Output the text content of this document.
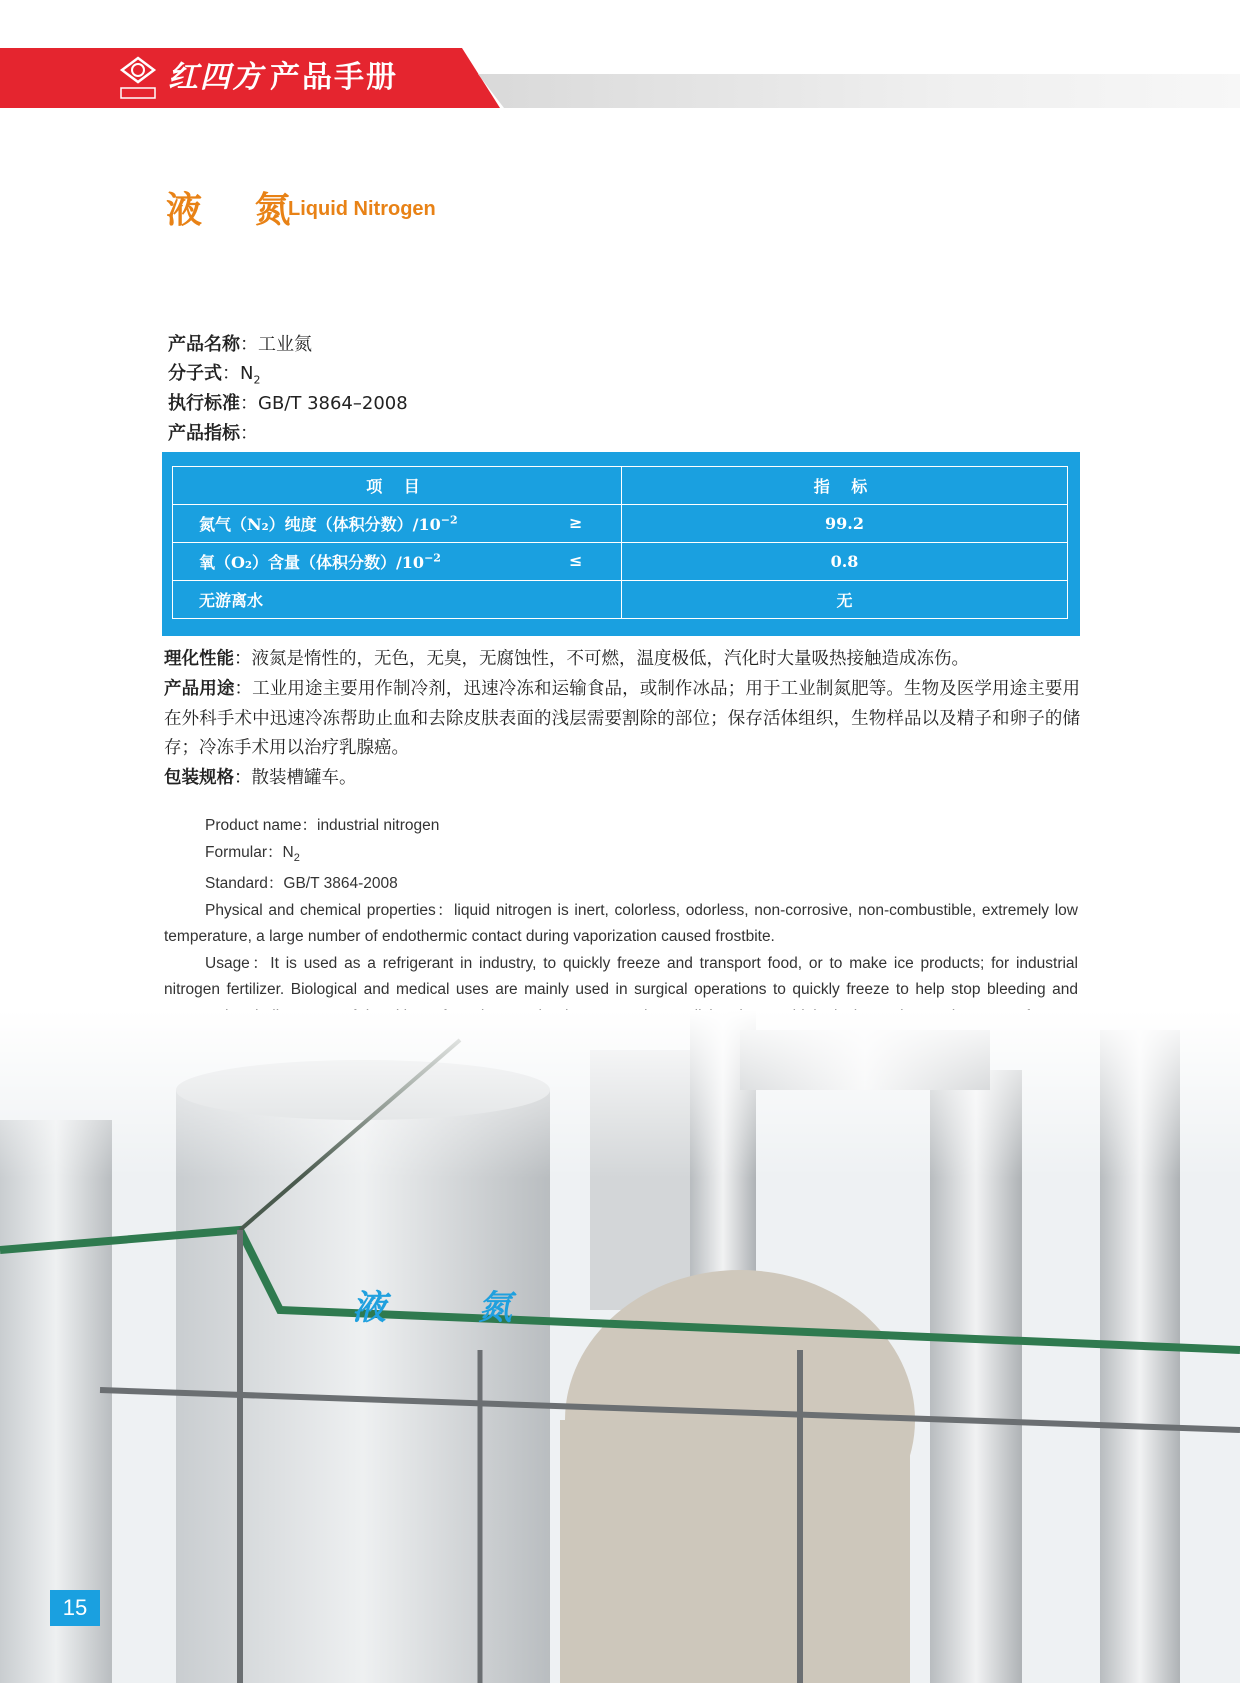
红四方 产品手册
液 氮
Liquid Nitrogen
产品名称：工业氮
分子式：$N_2$
执行标准：GB/T 3864–2008
产品指标：
项 目	指 标
氮气（N₂）纯度（体积分数）$/10^{-2}$ ≥	99.2
氧（O₂）含量（体积分数）$/10^{-2}$ ≤	0.8
无游离水	无
理化性能：液氮是惰性的，无色，无臭，无腐蚀性，不可燃，温度极低，汽化时大量吸热接触造成冻伤。
产品用途：工业用途主要用作制冷剂，迅速冷冻和运输食品，或制作冰品；用于工业制氮肥等。生物及医学用途主要用在外科手术中迅速冷冻帮助止血和去除皮肤表面的浅层需要割除的部位；保存活体组织，生物样品以及精子和卵子的储存；冷冻手术用以治疗乳腺癌。
包装规格：散装槽罐车。

Product name：industrial nitrogen

Formular：$N_2$

Standard：GB/T 3864-2008

Physical and chemical properties：liquid nitrogen is inert, colorless, odorless, non-corrosive, non-combustible, extremely low temperature, a large number of endothermic contact during vaporization caused frostbite.

Usage：It is used as a refrigerant in industry, to quickly freeze and transport food, or to make ice products; for industrial nitrogen fertilizer. Biological and medical uses are mainly used in surgical operations to quickly freeze to help stop bleeding and

液 氮
15
